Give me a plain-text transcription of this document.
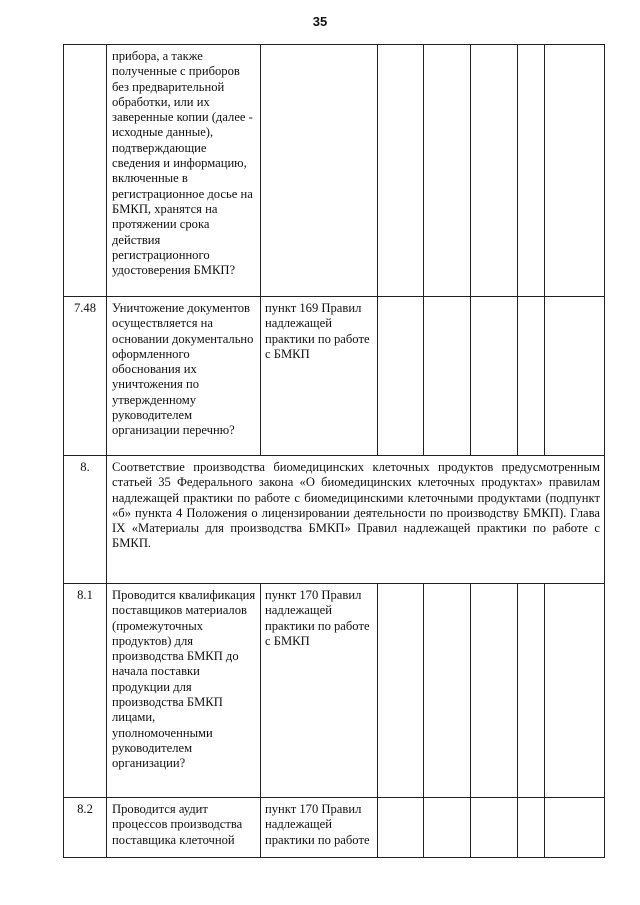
35
	прибора, а также полученные с приборов без предварительной обработки, или их заверенные копии (далее - исходные данные), подтверждающие сведения и информацию, включенные в регистрационное досье на БМКП, хранятся на протяжении срока действия регистрационного удостоверения БМКП?						
7.48	Уничтожение документов осуществляется на основании документально оформленного обоснования их уничтожения по утвержденному руководителем организации перечню?	пункт 169 Правил надлежащей практики по работе с БМКП					
8.	Соответствие производства биомедицинских клеточных продуктов предусмотренным статьей 35 Федерального закона «О биомедицинских клеточных продуктах» правилам надлежащей практики по работе с биомедицинскими клеточными продуктами (подпункт «б» пункта 4 Положения о лицензировании деятельности по производству БМКП). Глава IX «Материалы для производства БМКП» Правил надлежащей практики по работе с БМКП.						
8.1	Проводится квалификация поставщиков материалов (промежуточных продуктов) для производства БМКП до начала поставки продукции для производства БМКП лицами, уполномоченными руководителем организации?	пункт 170 Правил надлежащей практики по работе с БМКП					
8.2	Проводится аудит процессов производства поставщика клеточной	пункт 170 Правил надлежащей практики по работе					
